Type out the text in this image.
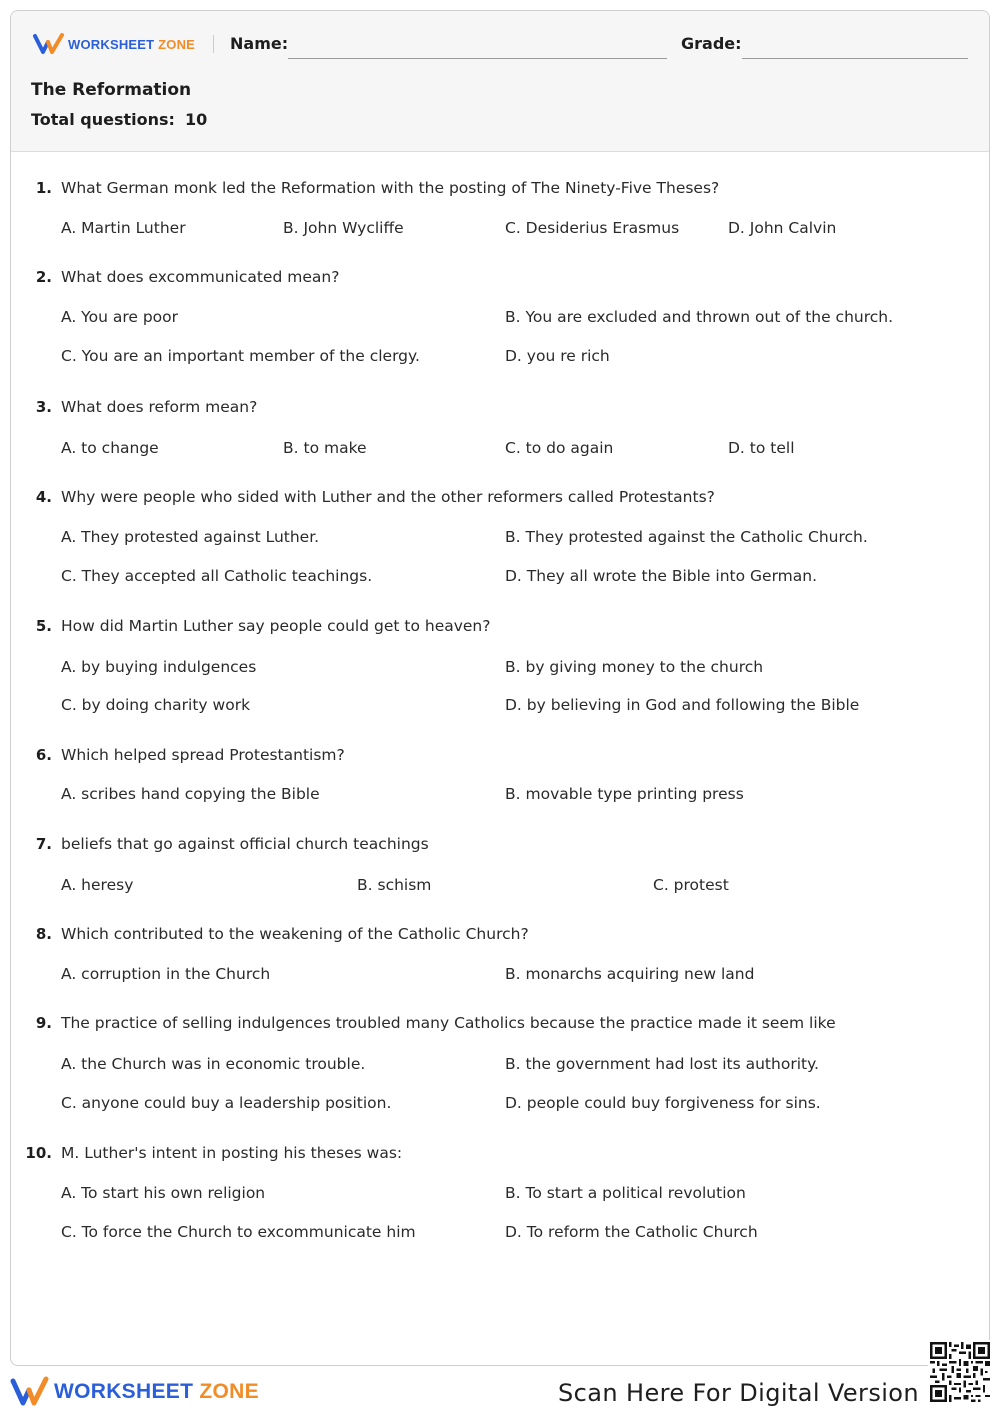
WORKSHEET ZONE Name:	Grade:
The Reformation
Total questions: 10
1. What German monk led the Reformation with the posting of The Ninety-Five Theses?
A. Martin Luther	B. John Wycliffe	C. Desiderius Erasmus	D. John Calvin
2. What does excommunicated mean?
A. You are poor	B. You are excluded and thrown out of the church.
C. You are an important member of the clergy.	D. you re rich
3. What does reform mean?
A. to change	B. to make	C. to do again	D. to tell
4. Why were people who sided with Luther and the other reformers called Protestants?
A. They protested against Luther.	B. They protested against the Catholic Church.
C. They accepted all Catholic teachings.	D. They all wrote the Bible into German.
5. How did Martin Luther say people could get to heaven?
A. by buying indulgences	B. by giving money to the church
C. by doing charity work	D. by believing in God and following the Bible
6. Which helped spread Protestantism?
A. scribes hand copying the Bible	B. movable type printing press
7. beliefs that go against official church teachings
A. heresy	B. schism	C. protest
8. Which contributed to the weakening of the Catholic Church?
A. corruption in the Church	B. monarchs acquiring new land
9. The practice of selling indulgences troubled many Catholics because the practice made it seem like
A. the Church was in economic trouble.	B. the government had lost its authority.
C. anyone could buy a leadership position.	D. people could buy forgiveness for sins.
10. M. Luther's intent in posting his theses was:
A. To start his own religion	B. To start a political revolution
C. To force the Church to excommunicate him	D. To reform the Catholic Church
WORKSHEET ZONE	Scan Here For Digital Version
